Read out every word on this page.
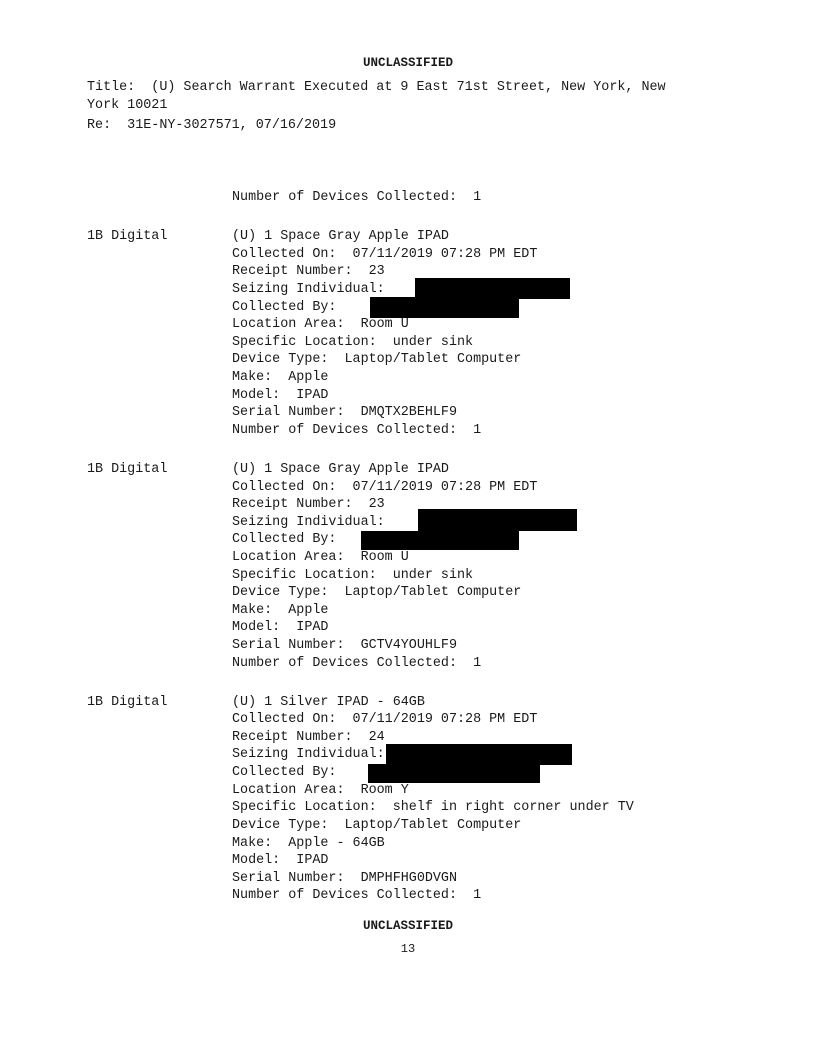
UNCLASSIFIED
Title:  (U) Search Warrant Executed at 9 East 71st Street, New York, New
York 10021
Re:  31E-NY-3027571, 07/16/2019
Number of Devices Collected:  1
1B Digital	(U) 1 Space Gray Apple IPAD
Collected On:  07/11/2019 07:28 PM EDT
Receipt Number:  23
Seizing Individual:
Collected By:
Location Area:  Room U
Specific Location:  under sink
Device Type:  Laptop/Tablet Computer
Make:  Apple
Model:  IPAD
Serial Number:  DMQTX2BEHLF9
Number of Devices Collected:  1
1B Digital	(U) 1 Space Gray Apple IPAD
Collected On:  07/11/2019 07:28 PM EDT
Receipt Number:  23
Seizing Individual:
Collected By:
Location Area:  Room U
Specific Location:  under sink
Device Type:  Laptop/Tablet Computer
Make:  Apple
Model:  IPAD
Serial Number:  GCTV4YOUHLF9
Number of Devices Collected:  1
1B Digital	(U) 1 Silver IPAD - 64GB
Collected On:  07/11/2019 07:28 PM EDT
Receipt Number:  24
Seizing Individual:
Collected By:
Location Area:  Room Y
Specific Location:  shelf in right corner under TV
Device Type:  Laptop/Tablet Computer
Make:  Apple - 64GB
Model:  IPAD
Serial Number:  DMPHFHG0DVGN
Number of Devices Collected:  1
UNCLASSIFIED
13
